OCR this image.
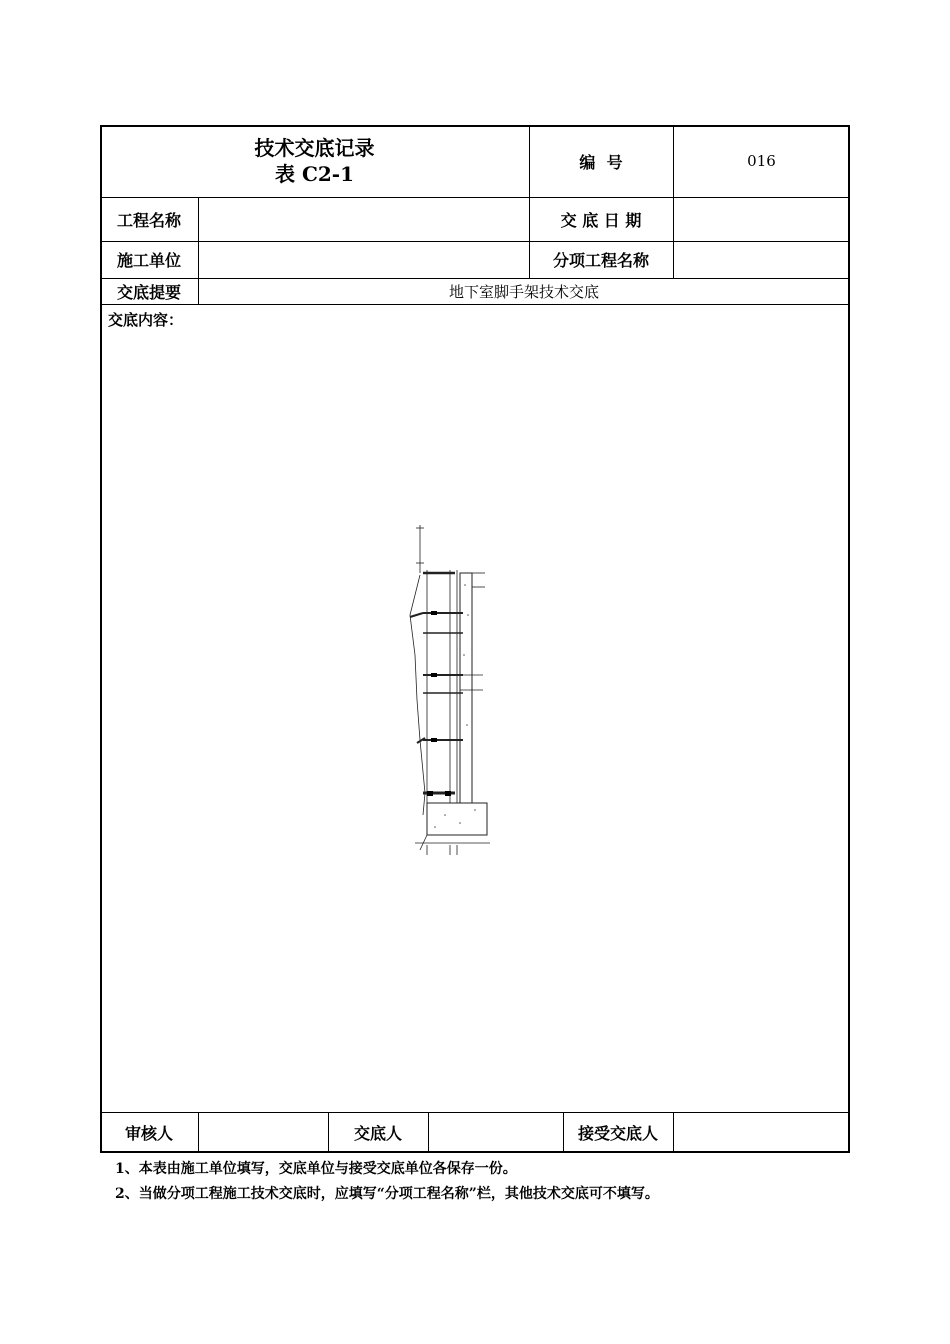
技术交底记录
表 C2-1	编  号	016
工程名称	交 底 日 期
施工单位	分项工程名称
交底提要	地下室脚手架技术交底
交底内容：
审核人	交底人	接受交底人
1、本表由施工单位填写，交底单位与接受交底单位各保存一份。
2、当做分项工程施工技术交底时，应填写“分项工程名称”栏，其他技术交底可不填写。
